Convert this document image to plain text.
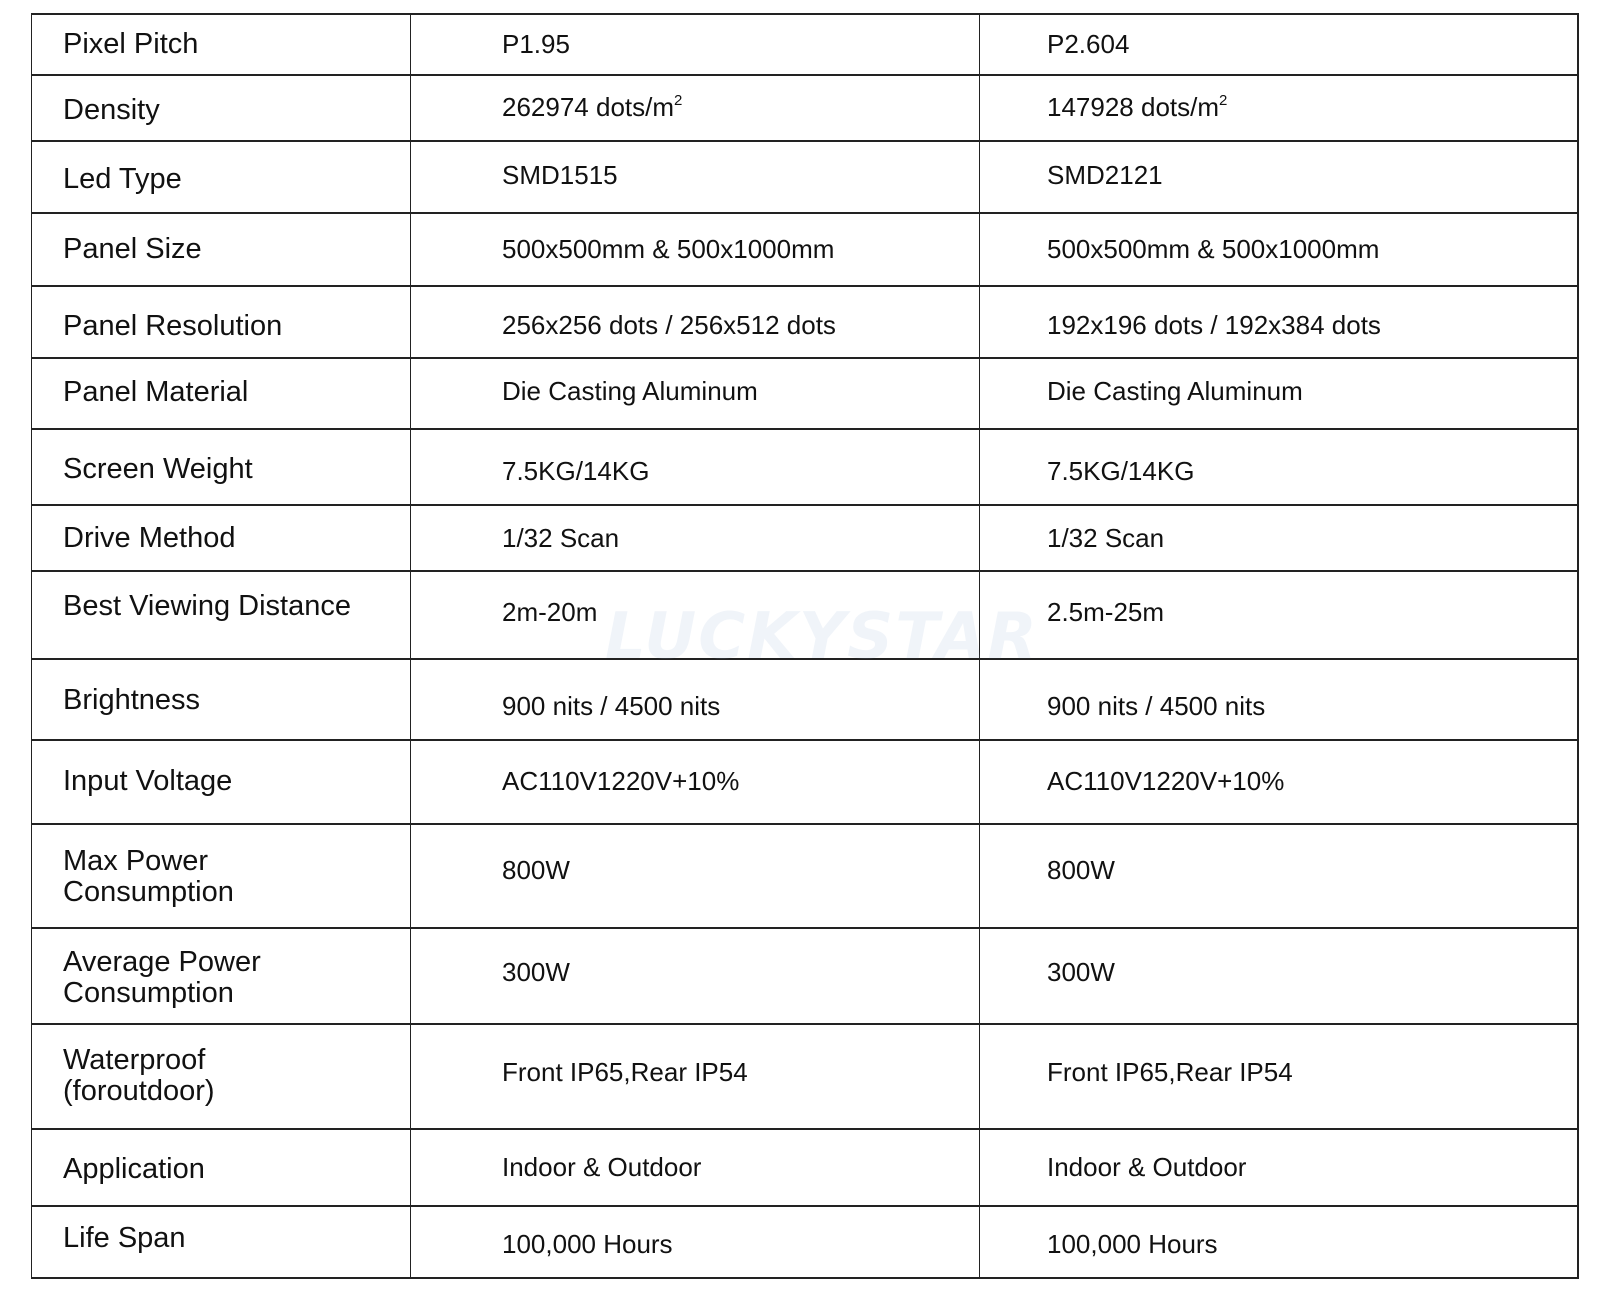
Pixel Pitch	P1.95	P2.604

Density	262974 dots/$m^2$	147928 dots/$m^2$

Led Type	SMD1515	SMD2121

Panel Size	500x500mm & 500x1000mm	500x500mm & 500x1000mm

Panel Resolution	256x256 dots / 256x512 dots	192x196 dots / 192x384 dots

Panel Material	Die Casting Aluminum	Die Casting Aluminum

Screen Weight	7.5KG/14KG	7.5KG/14KG

Drive Method	1/32 Scan	1/32 Scan

Best Viewing Distance	2m-20m	2.5m-25m

Brightness	900 nits / 4500 nits	900 nits / 4500 nits

Input Voltage	AC110V1220V+10%	AC110V1220V+10%

Max Power
Consumption	800W	800W

Average Power
Consumption	300W	300W

Waterproof
(foroutdoor)	Front IP65,Rear IP54	Front IP65,Rear IP54

Application	Indoor & Outdoor	Indoor & Outdoor

Life Span	100,000 Hours	100,000 Hours
LUCKYSTAR
